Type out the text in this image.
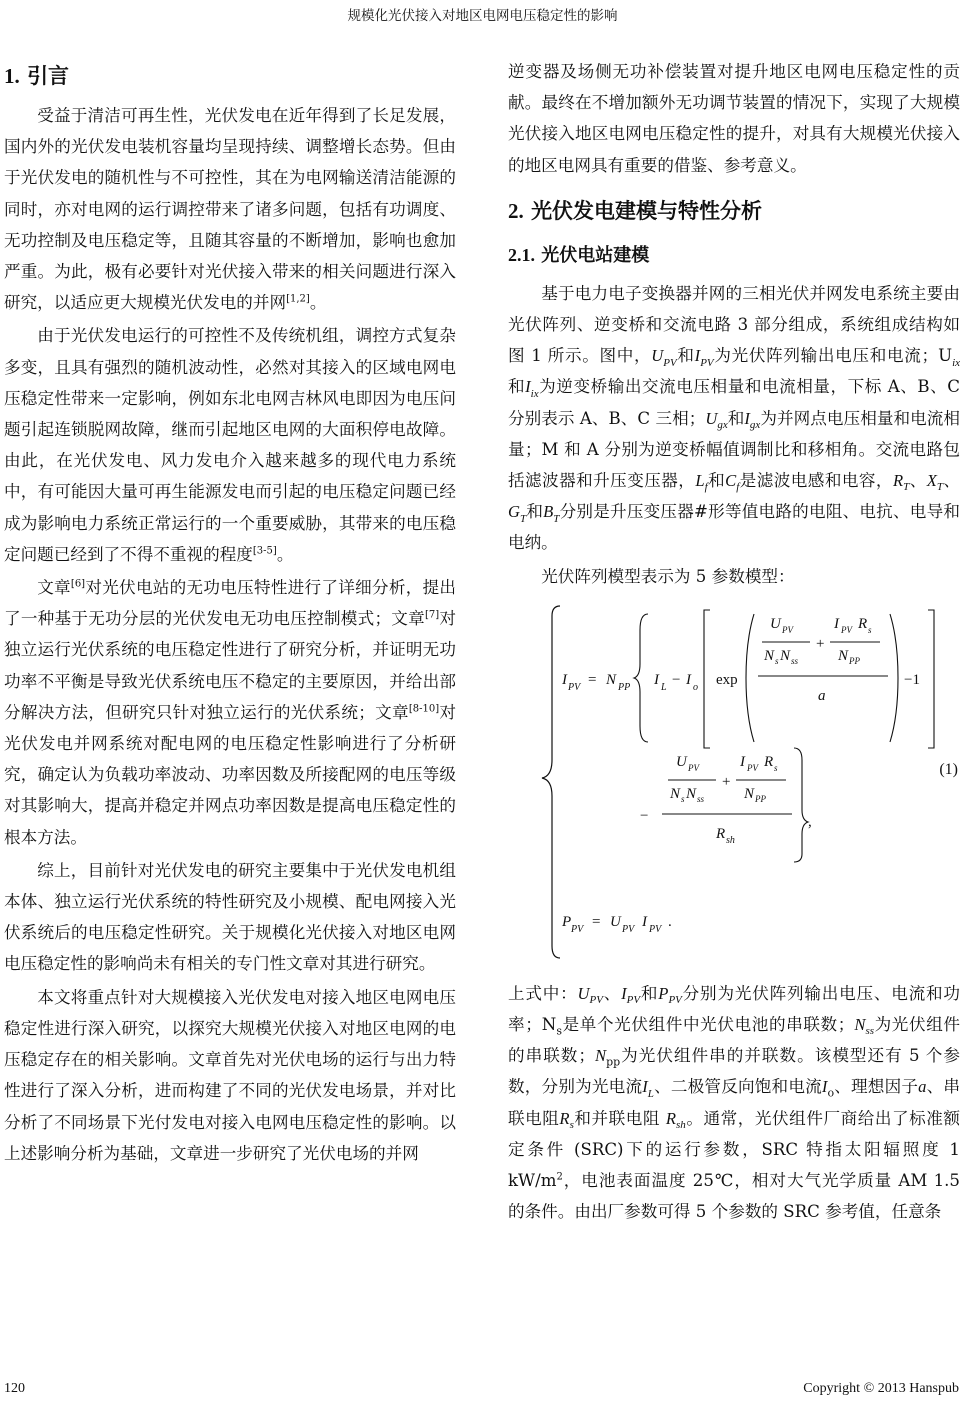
规模化光伏接入对地区电网电压稳定性的影响
1. 引言

受益于清洁可再生性，光伏发电在近年得到了长足发展，国内外的光伏发电装机容量均呈现持续、调整增长态势。但由于光伏发电的随机性与不可控性，其在为电网输送清洁能源的同时，亦对电网的运行调控带来了诸多问题，包括有功调度、无功控制及电压稳定等，且随其容量的不断增加，影响也愈加严重。为此，极有必要针对光伏接入带来的相关问题进行深入研究，以适应更大规模光伏发电的并网[1,2]。

由于光伏发电运行的可控性不及传统机组，调控方式复杂多变，且具有强烈的随机波动性，必然对其接入的区域电网电压稳定性带来一定影响，例如东北电网吉林风电即因为电压问题引起连锁脱网故障，继而引起地区电网的大面积停电故障。由此，在光伏发电、风力发电介入越来越多的现代电力系统中，有可能因大量可再生能源发电而引起的电压稳定问题已经成为影响电力系统正常运行的一个重要威胁，其带来的电压稳定问题已经到了不得不重视的程度[3-5]。

文章[6]对光伏电站的无功电压特性进行了详细分析，提出了一种基于无功分层的光伏发电无功电压控制模式；文章[7]对独立运行光伏系统的电压稳定性进行了研究分析，并证明无功功率不平衡是导致光伏系统电压不稳定的主要原因，并给出部分解决方法，但研究只针对独立运行的光伏系统；文章[8-10]对光伏发电并网系统对配电网的电压稳定性影响进行了分析研究，确定认为负载功率波动、功率因数及所接配网的电压等级对其影响大，提高并稳定并网点功率因数是提高电压稳定性的根本方法。

综上，目前针对光伏发电的研究主要集中于光伏发电机组本体、独立运行光伏系统的特性研究及小规模、配电网接入光伏系统后的电压稳定性研究。关于规模化光伏接入对地区电网电压稳定性的影响尚未有相关的专门性文章对其进行研究。

本文将重点针对大规模接入光伏发电对接入地区电网电压稳定性进行深入研究，以探究大规模光伏接入对地区电网的电压稳定存在的相关影响。文章首先对光伏电场的运行与出力特性进行了深入分析，进而构建了不同的光伏发电场景，并对比分析了不同场景下光付发电对接入电网电压稳定性的影响。以上述影响分析为基础，文章进一步研究了光伏电场的并网

逆变器及场侧无功补偿装置对提升地区电网电压稳定性的贡献。最终在不增加额外无功调节装置的情况下，实现了大规模光伏接入地区电网电压稳定性的提升，对具有大规模光伏接入的地区电网具有重要的借鉴、参考意义。

2. 光伏发电建模与特性分析
2.1. 光伏电站建模

基于电力电子变换器并网的三相光伏并网发电系统主要由光伏阵列、逆变桥和交流电路 3 部分组成，系统组成结构如图 1 所示。图中，$U_{PV}$和$I_{PV}$为光伏阵列输出电压和电流；$U_{ix}$和$I_{ix}$为逆变桥输出交流电压相量和电流相量，下标 A、B、C 分别表示 A、B、C 三相；$U_{gx}$和$I_{gx}$为并网点电压相量和电流相量；M 和 A 分别为逆变桥幅值调制比和移相角。交流电路包括滤波器和升压变压器，$L_f$和$C_f$是滤波电感和电容，$R_T$、$X_T$、$G_T$和$B_T$分别是升压变压器#形等值电路的电阻、电抗、电导和电纳。

光伏阵列模型表示为 5 参数模型：

I PV = N PP I L − I o exp
U PV
N s N ss
+
I PV R s
N PP
a
−1
−
U PV
N s N ss
+
I PV R s
N PP
R sh
,
P PV = U PV I PV .
(1)

上式中：$U_{PV}$、$I_{PV}$和$P_{PV}$分别为光伏阵列输出电压、电流和功率；$N_s$是单个光伏组件中光伏电池的串联数；$N_{ss}$为光伏组件的串联数；$N_{pp}$为光伏组件串的并联数。该模型还有 5 个参数，分别为光电流$I_L$、二极管反向饱和电流$I_o$、理想因子a、串联电阻$R_s$和并联电阻 $R_{sh}$。通常，光伏组件厂商给出了标准额定条件 (SRC)下的运行参数，SRC 特指太阳辐照度 1 $kW/m^2$，电池表面温度 25℃，相对大气光学质量 AM 1.5 的条件。由出厂参数可得 5 个参数的 SRC 参考值，任意条

120	Copyright © 2013 Hanspub
